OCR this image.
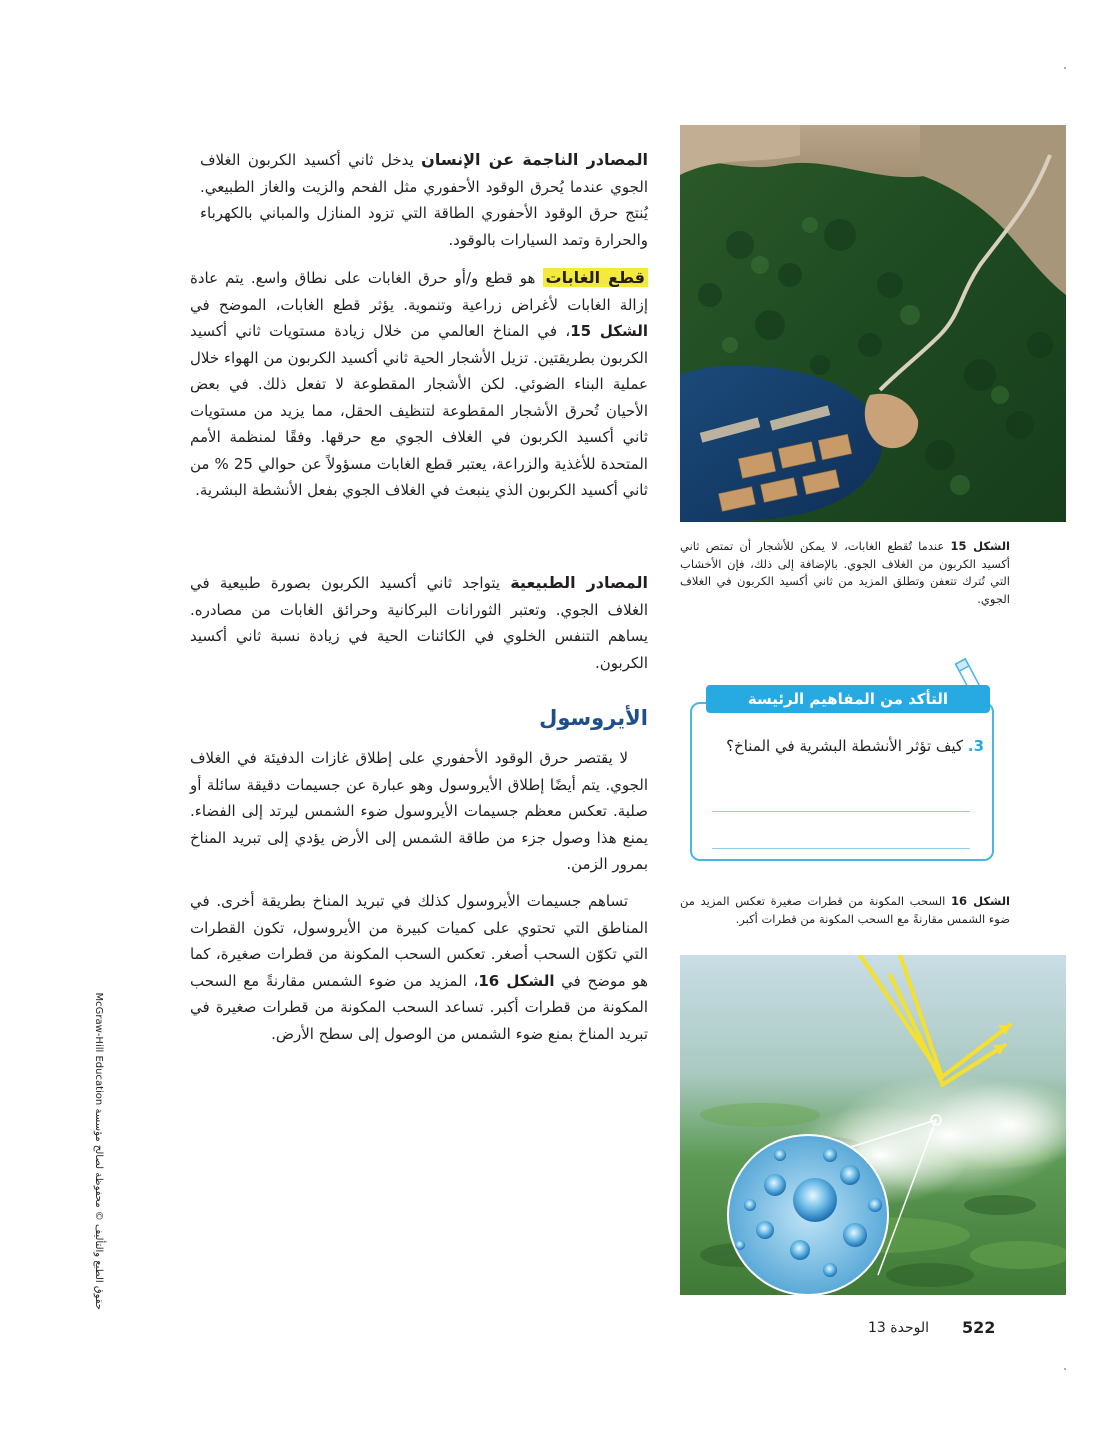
المصادر الناجمة عن الإنسان يدخل ثاني أكسيد الكربون الغلاف الجوي عندما يُحرق الوقود الأحفوري مثل الفحم والزيت والغاز الطبيعي. يُنتج حرق الوقود الأحفوري الطاقة التي تزود المنازل والمباني بالكهرباء والحرارة وتمد السيارات بالوقود.
قطع الغابات هو قطع و/أو حرق الغابات على نطاق واسع. يتم عادة إزالة الغابات لأغراض زراعية وتنموية. يؤثر قطع الغابات، الموضح في الشكل 15، في المناخ العالمي من خلال زيادة مستويات ثاني أكسيد الكربون بطريقتين. تزيل الأشجار الحية ثاني أكسيد الكربون من الهواء خلال عملية البناء الضوئي. لكن الأشجار المقطوعة لا تفعل ذلك. في بعض الأحيان تُحرق الأشجار المقطوعة لتنظيف الحقل، مما يزيد من مستويات ثاني أكسيد الكربون في الغلاف الجوي مع حرقها. وفقًا لمنظمة الأمم المتحدة للأغذية والزراعة، يعتبر قطع الغابات مسؤولاً عن حوالي 25 % من ثاني أكسيد الكربون الذي ينبعث في الغلاف الجوي بفعل الأنشطة البشرية.
المصادر الطبيعية يتواجد ثاني أكسيد الكربون بصورة طبيعية في الغلاف الجوي. وتعتبر الثورانات البركانية وحرائق الغابات من مصادره. يساهم التنفس الخلوي في الكائنات الحية في زيادة نسبة ثاني أكسيد الكربون.
الأيروسول
لا يقتصر حرق الوقود الأحفوري على إطلاق غازات الدفيئة في الغلاف الجوي. يتم أيضًا إطلاق الأيروسول وهو عبارة عن جسيمات دقيقة سائلة أو صلبة. تعكس معظم جسيمات الأيروسول ضوء الشمس ليرتد إلى الفضاء. يمنع هذا وصول جزء من طاقة الشمس إلى الأرض يؤدي إلى تبريد المناخ بمرور الزمن.
تساهم جسيمات الأيروسول كذلك في تبريد المناخ بطريقة أخرى. في المناطق التي تحتوي على كميات كبيرة من الأيروسول، تكون القطرات التي تكوّن السحب أصغر. تعكس السحب المكونة من قطرات صغيرة، كما هو موضح في الشكل 16، المزيد من ضوء الشمس مقارنةً مع السحب المكونة من قطرات أكبر. تساعد السحب المكونة من قطرات صغيرة في تبريد المناخ بمنع ضوء الشمس من الوصول إلى سطح الأرض.
الشكل 15 عندما تُقطع الغابات، لا يمكن للأشجار أن تمتص ثاني أكسيد الكربون من الغلاف الجوي. بالإضافة إلى ذلك، فإن الأخشاب التي تُترك تتعفن وتطلق المزيد من ثاني أكسيد الكربون في الغلاف الجوي.
التأكد من المفاهيم الرئيسة
3. كيف تؤثر الأنشطة البشرية في المناخ؟
الشكل 16 السحب المكونة من قطرات صغيرة تعكس المزيد من ضوء الشمس مقارنةً مع السحب المكونة من قطرات أكبر.
حقوق الطبع والتأليف © محفوظة لصالح مؤسسة McGraw-Hill Education
522
الوحدة 13
